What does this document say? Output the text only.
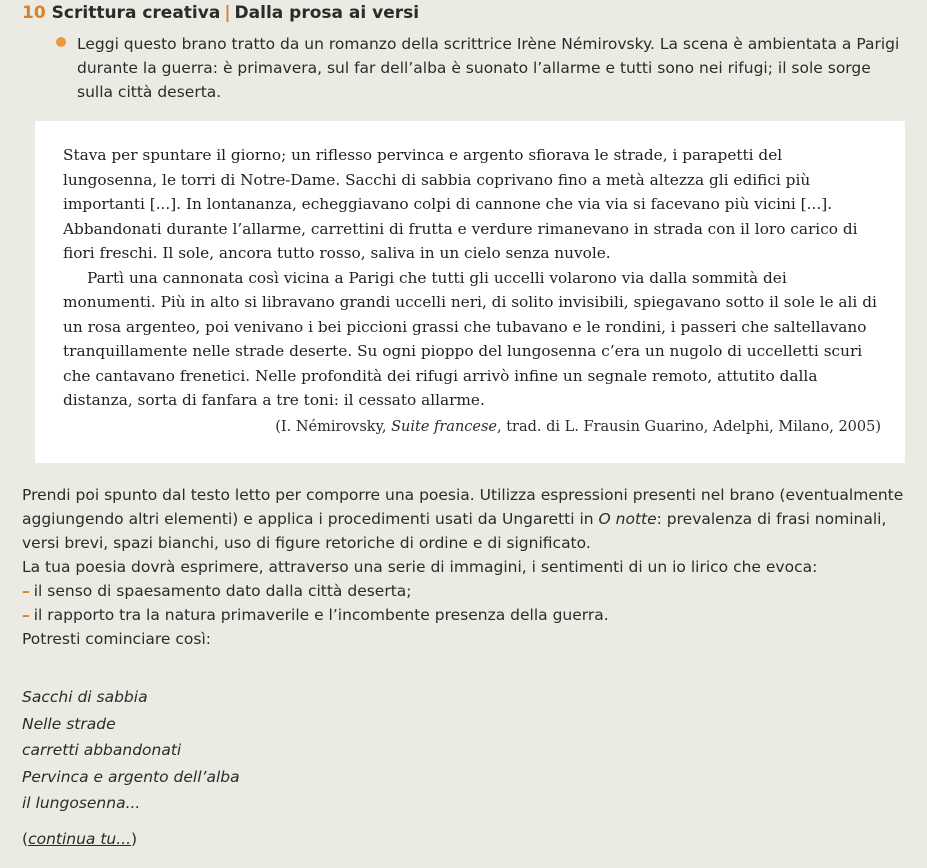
10 Scrittura creativa | Dalla prosa ai versi
Leggi questo brano tratto da un romanzo della scrittrice Irène Némirovsky. La scena è ambientata a Parigi durante la guerra: è primavera, sul far dell’alba è suonato l’allarme e tutti sono nei rifugi; il sole sorge sulla città deserta.

Stava per spuntare il giorno; un riflesso pervinca e argento sfiorava le strade, i parapetti del lungosenna, le torri di Notre-Dame. Sacchi di sabbia coprivano fino a metà altezza gli edifici più importanti [...]. In lontananza, echeggiavano colpi di cannone che via via si facevano più vicini [...]. Abbandonati durante l’allarme, carrettini di frutta e verdure rimanevano in strada con il loro carico di fiori freschi. Il sole, ancora tutto rosso, saliva in un cielo senza nuvole.

Partì una cannonata così vicina a Parigi che tutti gli uccelli volarono via dalla sommità dei monumenti. Più in alto si libravano grandi uccelli neri, di solito invisibili, spiegavano sotto il sole le ali di un rosa argenteo, poi venivano i bei piccioni grassi che tubavano e le rondini, i passeri che saltellavano tranquillamente nelle strade deserte. Su ogni pioppo del lungosenna c’era un nugolo di uccelletti scuri che cantavano frenetici. Nelle profondità dei rifugi arrivò infine un segnale remoto, attutito dalla distanza, sorta di fanfara a tre toni: il cessato allarme.

(I. Némirovsky, Suite francese, trad. di L. Frausin Guarino, Adelphi, Milano, 2005)

Prendi poi spunto dal testo letto per comporre una poesia. Utilizza espressioni presenti nel brano (eventualmente aggiungendo altri elementi) e applica i procedimenti usati da Ungaretti in O notte: prevalenza di frasi nominali, versi brevi, spazi bianchi, uso di figure retoriche di ordine e di significato.

La tua poesia dovrà esprimere, attraverso una serie di immagini, i sentimenti di un io lirico che evoca:

– il senso di spaesamento dato dalla città deserta;

– il rapporto tra la natura primaverile e l’incombente presenza della guerra.

Potresti cominciare così:

Sacchi di sabbia
Nelle strade
carretti abbandonati
Pervinca e argento dell’alba
il lungosenna...
(continua tu...)
